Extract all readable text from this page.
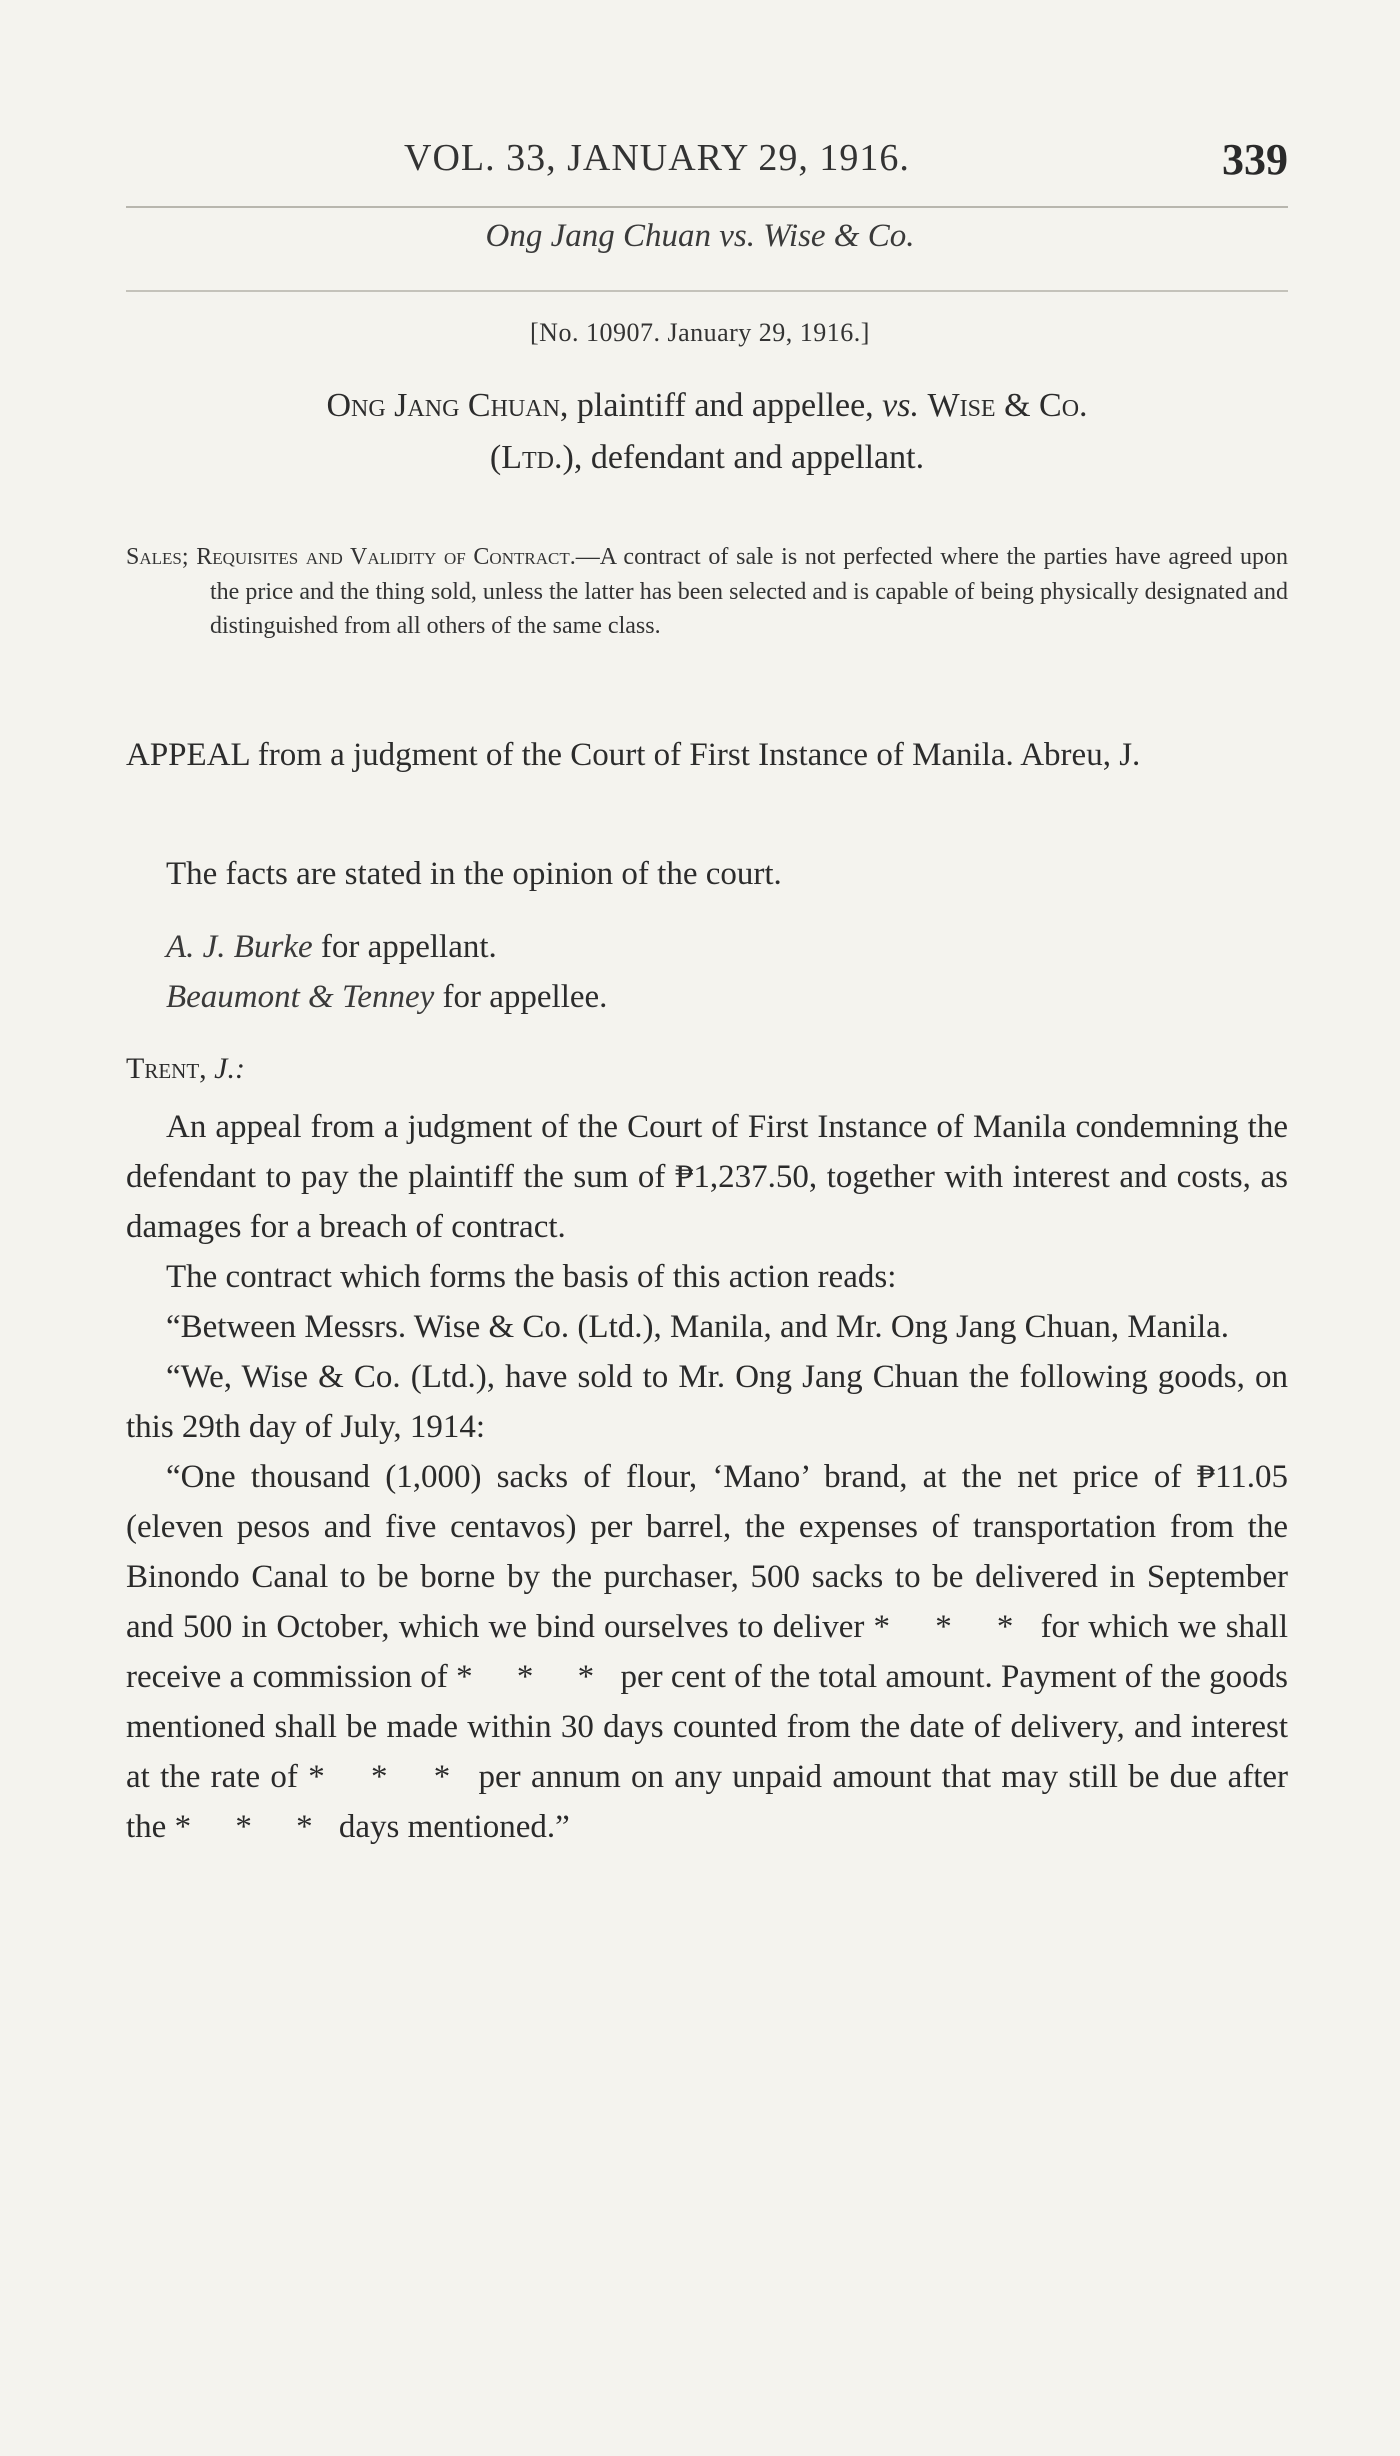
VOL. 33, JANUARY 29, 1916.	339
Ong Jang Chuan vs. Wise & Co.
[No. 10907. January 29, 1916.]
Ong Jang Chuan, plaintiff and appellee, vs. Wise & Co.
(Ltd.), defendant and appellant.
Sales; Requisites and Validity of Contract.—A contract of sale is not perfected where the parties have agreed upon the price and the thing sold, unless the latter has been selected and is capable of being physically designated and distinguished from all others of the same class.
APPEAL from a judgment of the Court of First Instance of Manila. Abreu, J.
The facts are stated in the opinion of the court.
A. J. Burke for appellant.
Beaumont & Tenney for appellee.
Trent, J.:

An appeal from a judgment of the Court of First Instance of Manila condemning the defendant to pay the plaintiff the sum of ₱1,237.50, together with interest and costs, as damages for a breach of contract.

The contract which forms the basis of this action reads:

“Between Messrs. Wise & Co. (Ltd.), Manila, and Mr. Ong Jang Chuan, Manila.

“We, Wise & Co. (Ltd.), have sold to Mr. Ong Jang Chuan the following goods, on this 29th day of July, 1914:

“One thousand (1,000) sacks of flour, ‘Mano’ brand, at the net price of ₱11.05 (eleven pesos and five centavos) per barrel, the expenses of transportation from the Binondo Canal to be borne by the purchaser, 500 sacks to be delivered in September and 500 in October, which we bind ourselves to deliver * * * for which we shall receive a commission of * * * per cent of the total amount. Payment of the goods mentioned shall be made within 30 days counted from the date of delivery, and interest at the rate of * * * per annum on any unpaid amount that may still be due after the * * * days mentioned.”
